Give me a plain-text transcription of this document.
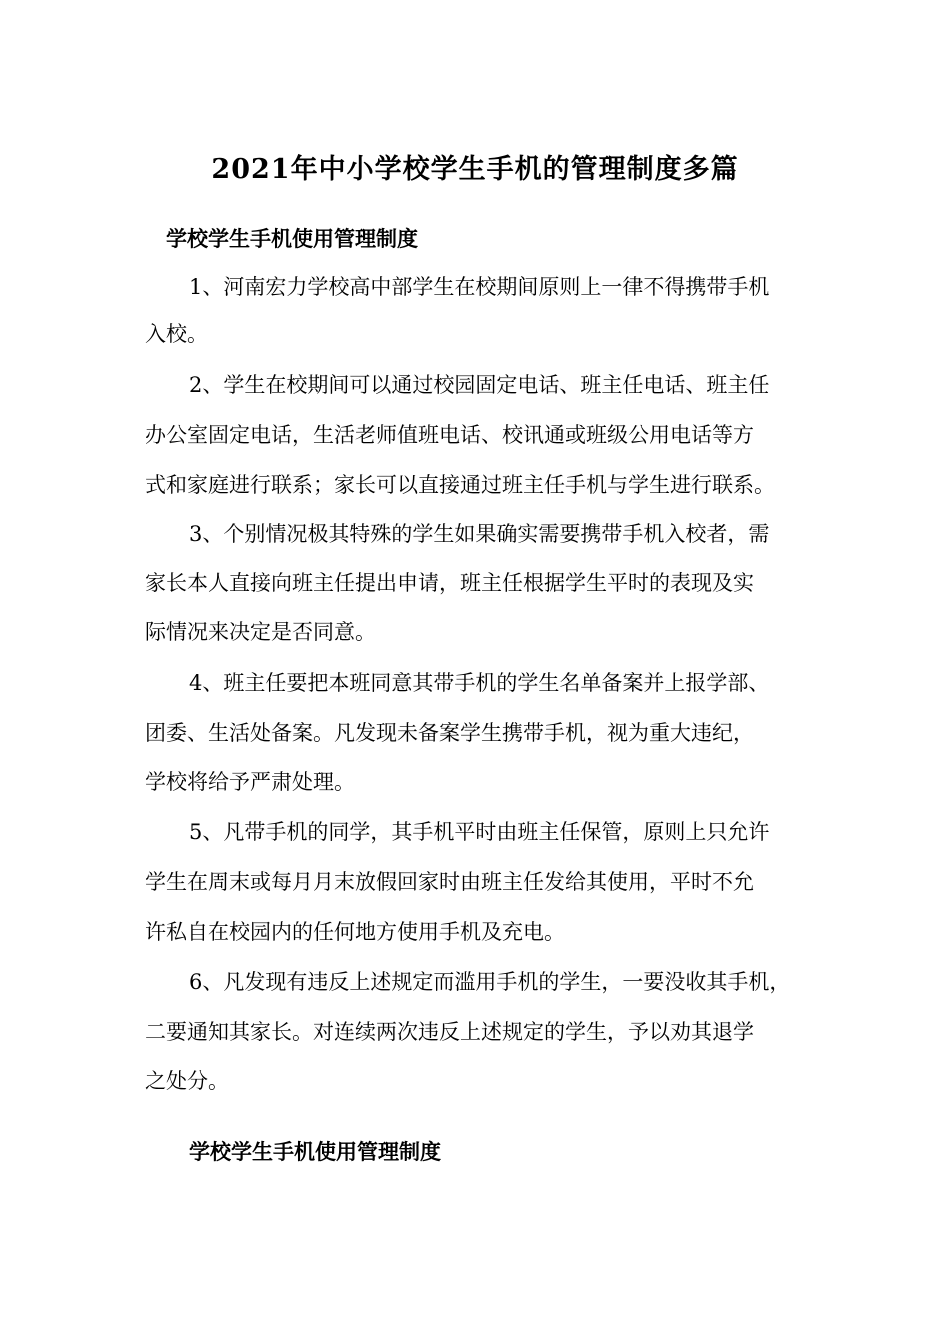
2021年中小学校学生手机的管理制度多篇
学校学生手机使用管理制度
1、河南宏力学校高中部学生在校期间原则上一律不得携带手机
入校。
2、学生在校期间可以通过校园固定电话、班主任电话、班主任
办公室固定电话，生活老师值班电话、校讯通或班级公用电话等方
式和家庭进行联系；家长可以直接通过班主任手机与学生进行联系。
3、个别情况极其特殊的学生如果确实需要携带手机入校者，需
家长本人直接向班主任提出申请，班主任根据学生平时的表现及实
际情况来决定是否同意。
4、班主任要把本班同意其带手机的学生名单备案并上报学部、
团委、生活处备案。凡发现未备案学生携带手机，视为重大违纪，
学校将给予严肃处理。
5、凡带手机的同学，其手机平时由班主任保管，原则上只允许
学生在周末或每月月末放假回家时由班主任发给其使用，平时不允
许私自在校园内的任何地方使用手机及充电。
6、凡发现有违反上述规定而滥用手机的学生，一要没收其手机，
二要通知其家长。对连续两次违反上述规定的学生，予以劝其退学
之处分。
学校学生手机使用管理制度
